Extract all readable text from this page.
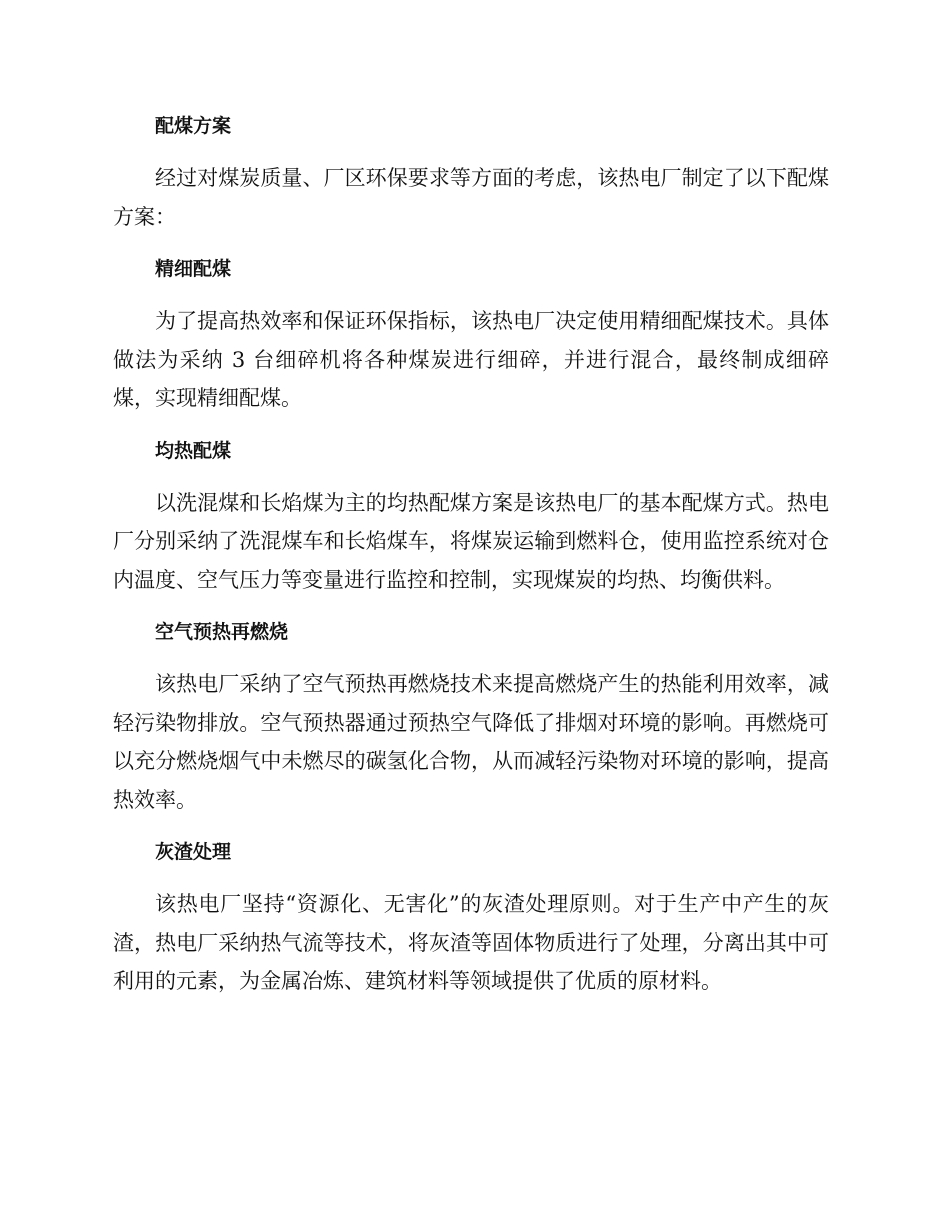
配煤方案

经过对煤炭质量、厂区环保要求等方面的考虑，该热电厂制定了以下配煤方案：

精细配煤

为了提高热效率和保证环保指标，该热电厂决定使用精细配煤技术。具体做法为采纳 3 台细碎机将各种煤炭进行细碎，并进行混合，最终制成细碎煤，实现精细配煤。

均热配煤

以洗混煤和长焰煤为主的均热配煤方案是该热电厂的基本配煤方式。热电厂分别采纳了洗混煤车和长焰煤车，将煤炭运输到燃料仓，使用监控系统对仓内温度、空气压力等变量进行监控和控制，实现煤炭的均热、均衡供料。

空气预热再燃烧

该热电厂采纳了空气预热再燃烧技术来提高燃烧产生的热能利用效率，减轻污染物排放。空气预热器通过预热空气降低了排烟对环境的影响。再燃烧可以充分燃烧烟气中未燃尽的碳氢化合物，从而减轻污染物对环境的影响，提高热效率。

灰渣处理

该热电厂坚持“资源化、无害化”的灰渣处理原则。对于生产中产生的灰渣，热电厂采纳热气流等技术，将灰渣等固体物质进行了处理，分离出其中可利用的元素，为金属冶炼、建筑材料等领域提供了优质的原材料。
